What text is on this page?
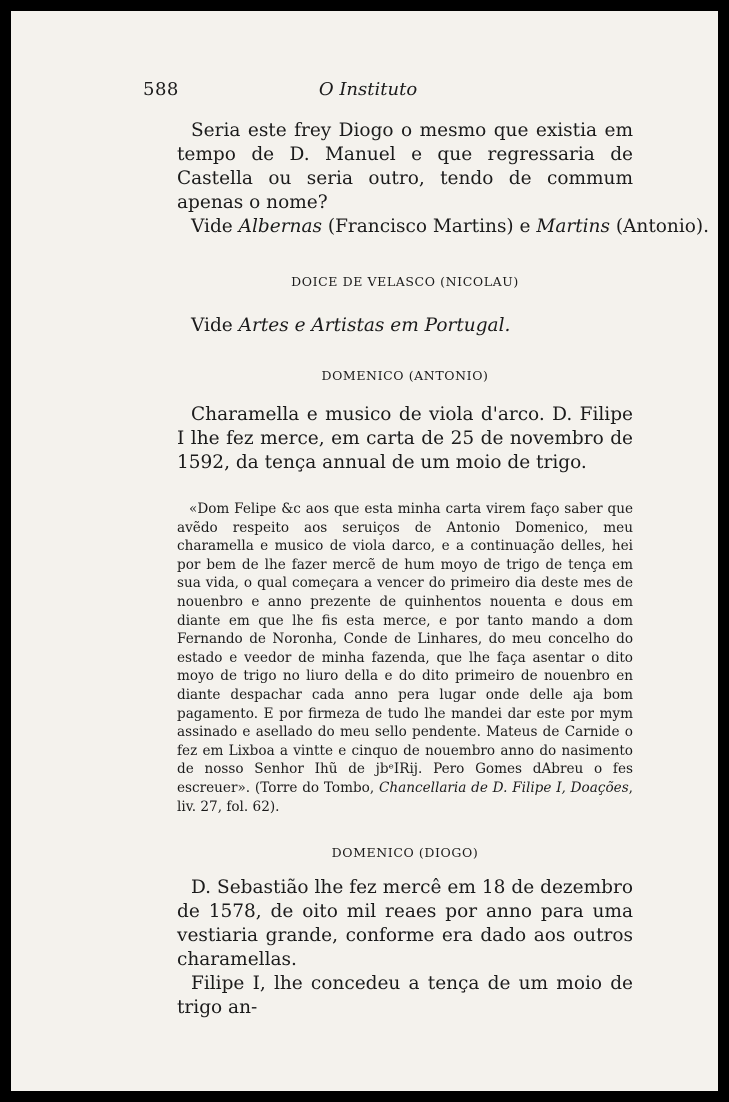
588	O Instituto

Seria este frey Diogo o mesmo que existia em tempo de D. Manuel e que regressaria de Castella ou seria outro, tendo de commum apenas o nome?

Vide Albernas (Francisco Martins) e Martins (Antonio).

DOICE DE VELASCO (NICOLAU)

Vide Artes e Artistas em Portugal.

DOMENICO (ANTONIO)

Charamella e musico de viola d'arco. D. Filipe I lhe fez merce, em carta de 25 de novembro de 1592, da tença annual de um moio de trigo.

«Dom Felipe &c aos que esta minha carta virem faço saber que avẽdo respeito aos seruiços de Antonio Domenico, meu charamella e musico de viola darco, e a continuação delles, hei por bem de lhe fazer mercẽ de hum moyo de trigo de tença em sua vida, o qual começara a vencer do primeiro dia deste mes de nouenbro e anno prezente de quinhentos nouenta e dous em diante em que lhe fis esta merce, e por tanto mando a dom Fernando de Noronha, Conde de Linhares, do meu concelho do estado e veedor de minha fazenda, que lhe faça asentar o dito moyo de trigo no liuro della e do dito primeiro de nouenbro en diante despachar cada anno pera lugar onde delle aja bom pagamento. E por firmeza de tudo lhe mandei dar este por mym assinado e asellado do meu sello pendente. Mateus de Carnide o fez em Lixboa a vintte e cinquo de nouembro anno do nasimento de nosso Senhor Ihũ de jbᵉIRij. Pero Gomes dAbreu o fes escreuer». (Torre do Tombo, Chancellaria de D. Filipe I, Doações, liv. 27, fol. 62).

DOMENICO (DIOGO)

D. Sebastião lhe fez mercê em 18 de dezembro de 1578, de oito mil reaes por anno para uma vestiaria grande, conforme era dado aos outros charamellas.

Filipe I, lhe concedeu a tença de um moio de trigo an-
